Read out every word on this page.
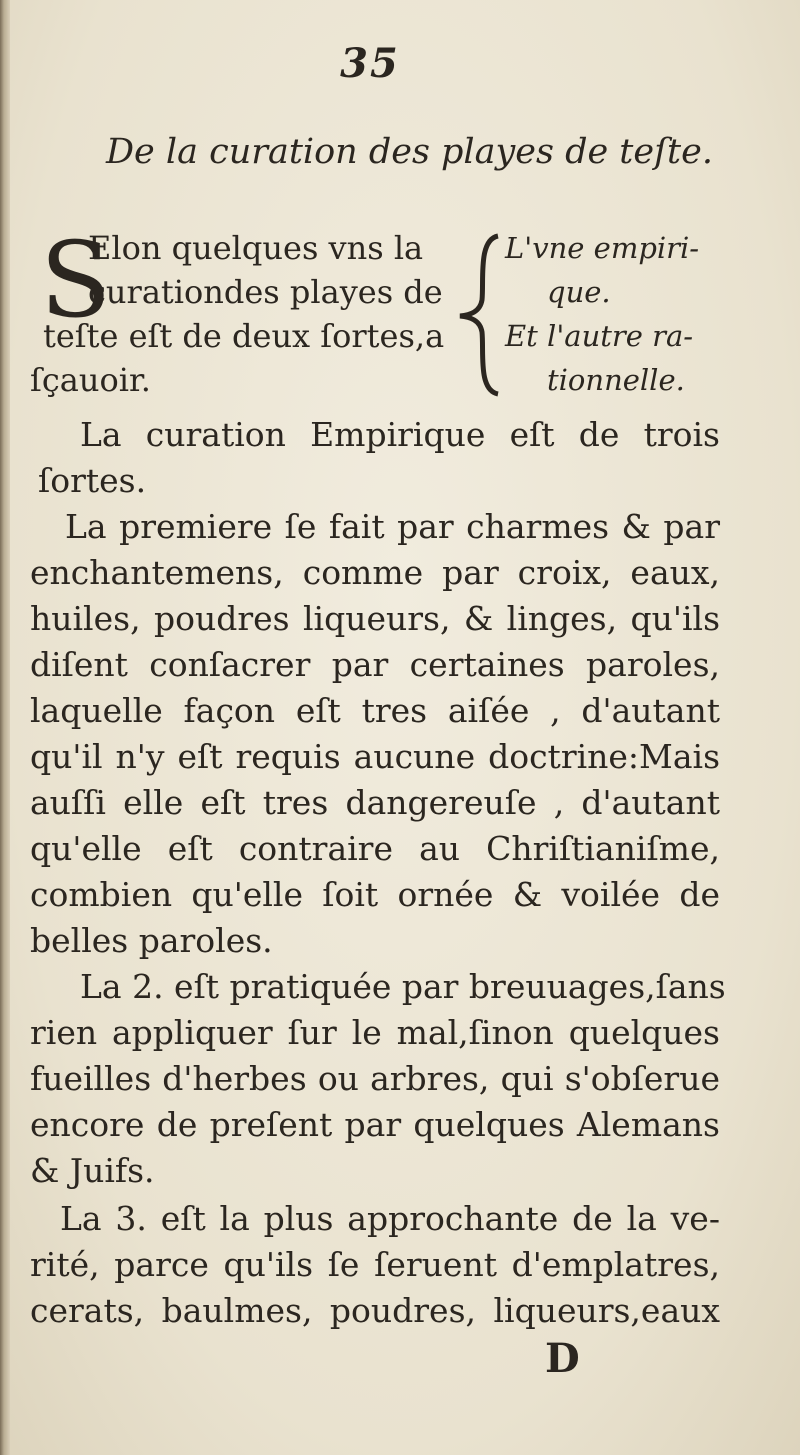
35
De la curation des playes de teſte.
S
Elon quelques vns la
curationdes playes de
teſte eſt de deux ſortes,a
ſçauoir.
L'vne empiri-
que.
Et l'autre ra-
tionnelle.
La curation Empirique eſt de trois
ſortes.
La premiere ſe fait par charmes & par
enchantemens, comme par croix, eaux,
huiles, poudres liqueurs, & linges, qu'ils
diſent conſacrer par certaines paroles,
laquelle façon eſt tres aiſée , d'autant
qu'il n'y eſt requis aucune doctrine:Mais
auſſi elle eſt tres dangereuſe , d'autant
qu'elle eſt contraire au Chriſtianiſme,
combien qu'elle ſoit ornée & voilée de
belles paroles.
La 2. eſt pratiquée par breuuages,ſans
rien appliquer ſur le mal,ſinon quelques
fueilles d'herbes ou arbres, qui s'obſerue
encore de preſent par quelques Alemans
& Juifs.
La 3. eſt la plus approchante de la ve-
rité, parce qu'ils ſe ſeruent d'emplatres,
cerats, baulmes, poudres, liqueurs,eaux
D
